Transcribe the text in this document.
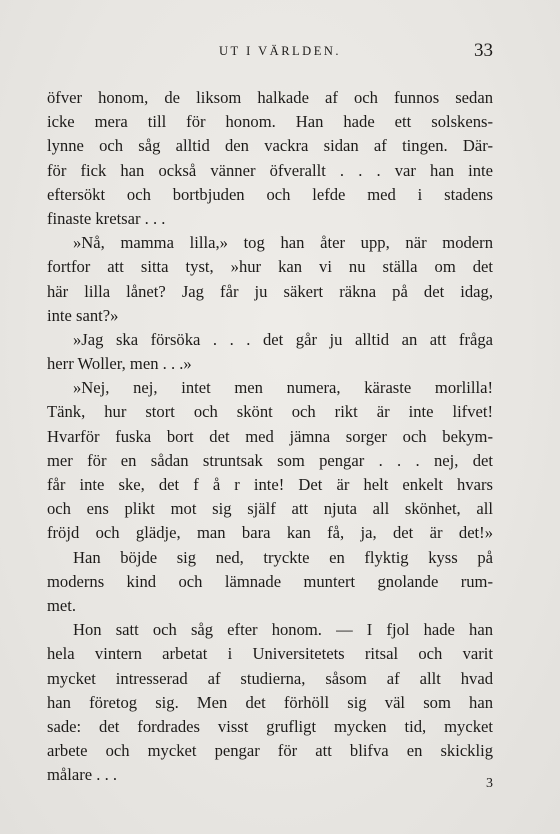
UT I VÄRLDEN.	33
öfver honom, de liksom halkade af och funnos sedan
icke mera till för honom. Han hade ett solskens-
lynne och såg alltid den vackra sidan af tingen. Där-
för fick han också vänner öfverallt . . . var han inte
eftersökt och bortbjuden och lefde med i stadens
finaste kretsar . . .
»Nå, mamma lilla,» tog han åter upp, när modern
fortfor att sitta tyst, »hur kan vi nu ställa om det
här lilla lånet? Jag får ju säkert räkna på det idag,
inte sant?»
»Jag ska försöka . . . det går ju alltid an att fråga
herr Woller, men . . .»
»Nej, nej, intet men numera, käraste morlilla!
Tänk, hur stort och skönt och rikt är inte lifvet!
Hvarför fuska bort det med jämna sorger och bekym-
mer för en sådan struntsak som pengar . . . nej, det
får inte ske, det f å r inte! Det är helt enkelt hvars
och ens plikt mot sig själf att njuta all skönhet, all
fröjd och glädje, man bara kan få, ja, det är det!»
Han böjde sig ned, tryckte en flyktig kyss på
moderns kind och lämnade muntert gnolande rum-
met.
Hon satt och såg efter honom. — I fjol hade han
hela vintern arbetat i Universitetets ritsal och varit
mycket intresserad af studierna, såsom af allt hvad
han företog sig. Men det förhöll sig väl som han
sade: det fordrades visst grufligt mycken tid, mycket
arbete och mycket pengar för att blifva en skicklig
målare . . .	3
